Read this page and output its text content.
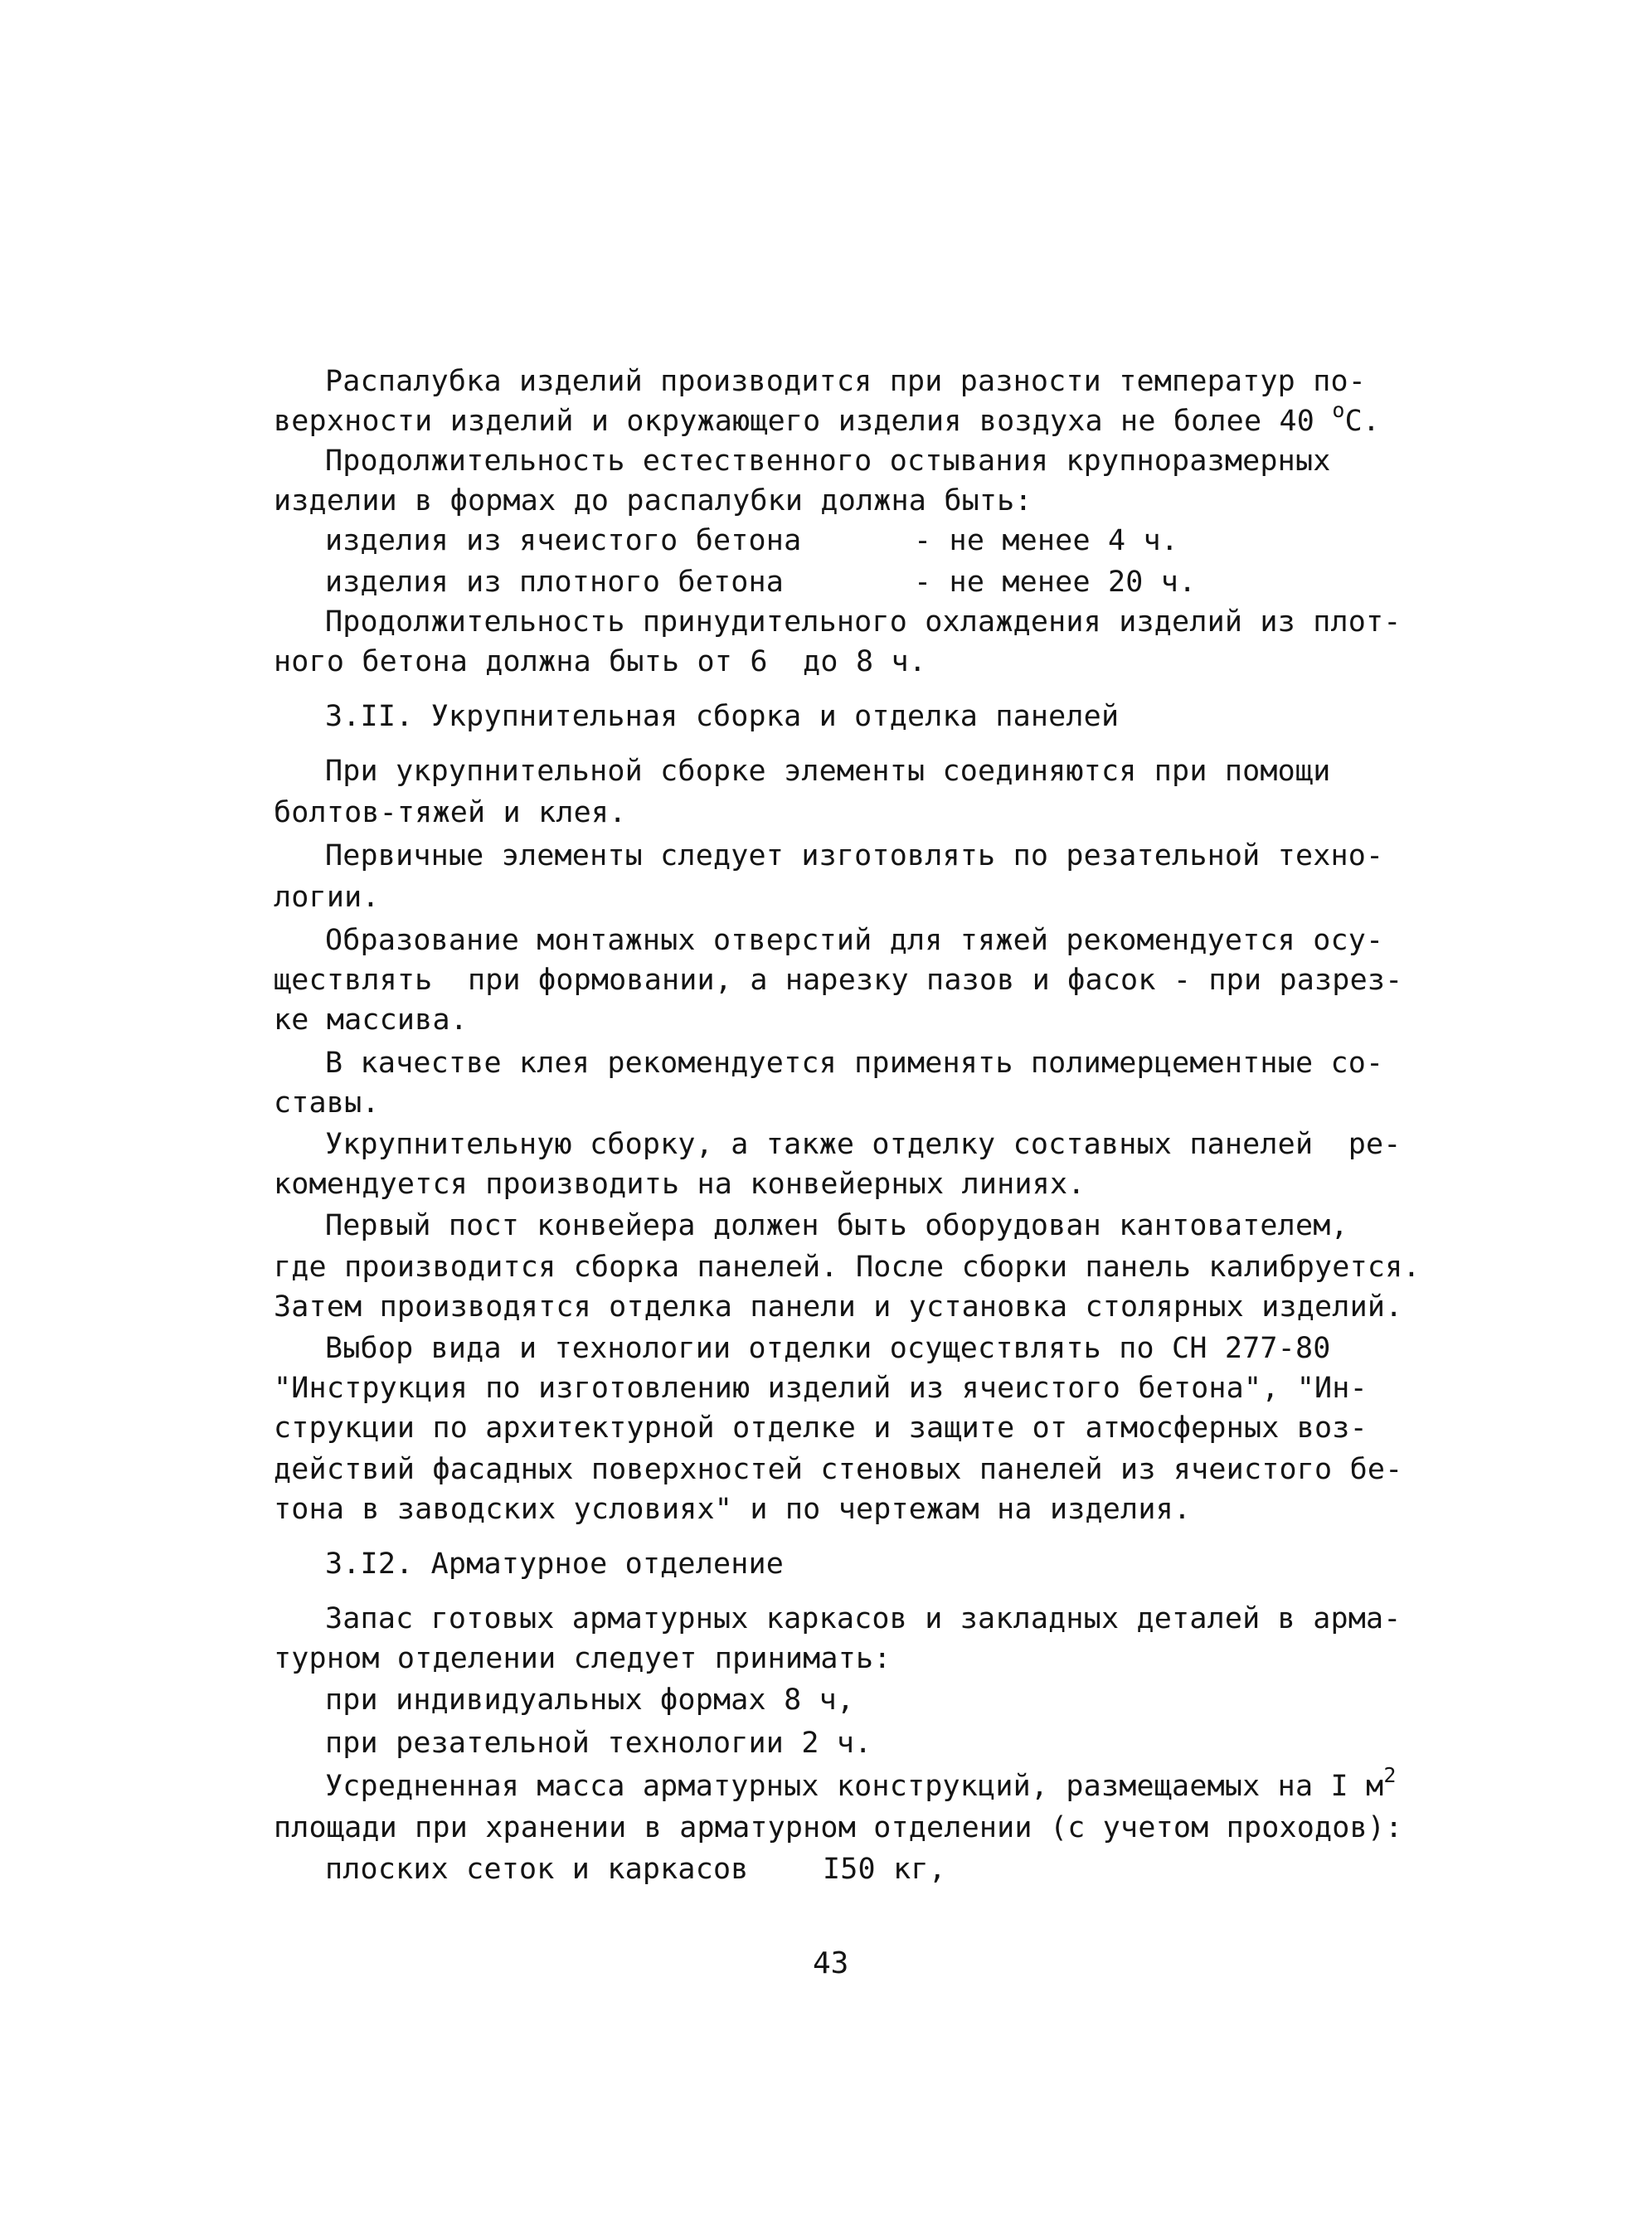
Распалубка изделий производится при разности температур по-
верхности изделий и окружающего изделия воздуха не более 40 $^о$С.
Продолжительность естественного остывания крупноразмерных
изделии в формах до распалубки должна быть:
изделия из ячеистого бетона	- не менее 4 ч.
изделия из плотного бетона	- не менее 20 ч.
Продолжительность принудительного охлаждения изделий из плот-
ного бетона должна быть от 6  до 8 ч.
3.II. Укрупнительная сборка и отделка панелей
При укрупнительной сборке элементы соединяются при помощи
болтов-тяжей и клея.
Первичные элементы следует изготовлять по резательной техно-
логии.
Образование монтажных отверстий для тяжей рекомендуется осу-
ществлять  при формовании, а нарезку пазов и фасок - при разрез-
ке массива.
В качестве клея рекомендуется применять полимерцементные со-
ставы.
Укрупнительную сборку, а также отделку составных панелей  ре-
комендуется производить на конвейерных линиях.
Первый пост конвейера должен быть оборудован кантователем,
где производится сборка панелей. После сборки панель калибруется.
Затем производятся отделка панели и установка столярных изделий.
Выбор вида и технологии отделки осуществлять по СН 277-80
"Инструкция по изготовлению изделий из ячеистого бетона", "Ин-
струкции по архитектурной отделке и защите от атмосферных воз-
действий фасадных поверхностей стеновых панелей из ячеистого бе-
тона в заводских условиях" и по чертежам на изделия.
3.I2. Арматурное отделение
Запас готовых арматурных каркасов и закладных деталей в арма-
турном отделении следует принимать:
при индивидуальных формах 8 ч,
при резательной технологии 2 ч.
Усредненная масса арматурных конструкций, размещаемых на I $м^2$
площади при хранении в арматурном отделении (с учетом проходов):
плоских сеток и каркасов	I50 кг,
43
